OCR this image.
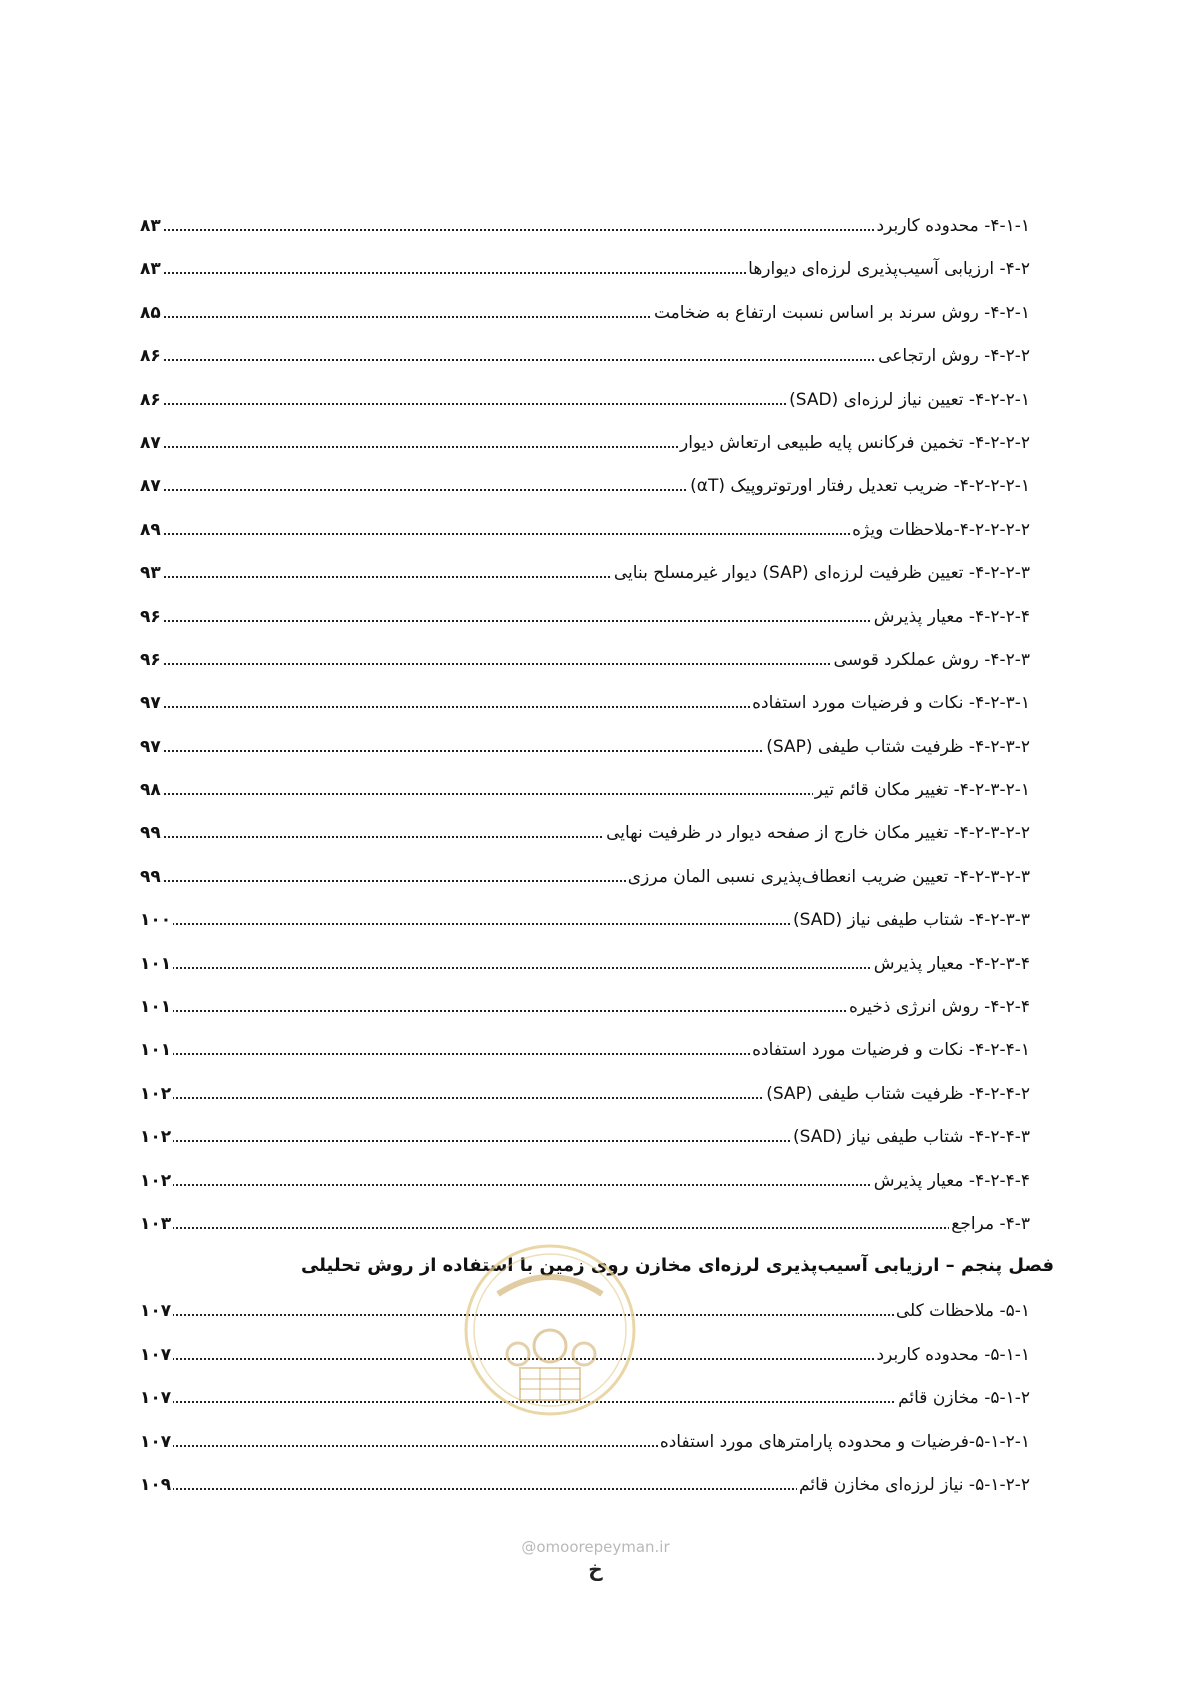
۴-۱-۱- محدوده کاربرد
۸۳
۴-۲- ارزیابی آسیب‌پذیری لرزه‌ای دیوارها
۸۳
۴-۲-۱- روش سرند بر اساس نسبت ارتفاع به ضخامت
۸۵
۴-۲-۲- روش ارتجاعی
۸۶
۴-۲-۲-۱- تعیین نیاز لرزه‌ای (SAD)
۸۶
۴-۲-۲-۲- تخمین فرکانس پایه طبیعی ارتعاش دیوار
۸۷
۴-۲-۲-۲-۱- ضریب تعدیل رفتار اورتوتروپیک (αT)
۸۷
۴-۲-۲-۲-۲-ملاحظات ویژه
۸۹
۴-۲-۲-۳- تعیین ظرفیت لرزه‌ای (SAP) دیوار غیرمسلح بنایی
۹۳
۴-۲-۲-۴- معیار پذیرش
۹۶
۴-۲-۳- روش عملکرد قوسی
۹۶
۴-۲-۳-۱- نکات و فرضیات مورد استفاده
۹۷
۴-۲-۳-۲- ظرفیت شتاب طیفی (SAP)
۹۷
۴-۲-۳-۲-۱- تغییر مکان قائم تیر
۹۸
۴-۲-۳-۲-۲- تغییر مکان خارج از صفحه دیوار در ظرفیت نهایی
۹۹
۴-۲-۳-۲-۳- تعیین ضریب انعطاف‌پذیری نسبی المان مرزی
۹۹
۴-۲-۳-۳- شتاب طیفی نیاز (SAD)
۱۰۰
۴-۲-۳-۴- معیار پذیرش
۱۰۱
۴-۲-۴- روش انرژی ذخیره
۱۰۱
۴-۲-۴-۱- نکات و فرضیات مورد استفاده
۱۰۱
۴-۲-۴-۲- ظرفیت شتاب طیفی (SAP)
۱۰۲
۴-۲-۴-۳- شتاب طیفی نیاز (SAD)
۱۰۲
۴-۲-۴-۴- معیار پذیرش
۱۰۲
۴-۳- مراجع
۱۰۳
فصل پنجم – ارزیابی آسیب‌پذیری لرزه‌ای مخازن روی زمین با استفاده از روش تحلیلی
۵-۱- ملاحظات کلی
۱۰۷
۵-۱-۱- محدوده کاربرد
۱۰۷
۵-۱-۲- مخازن قائم
۱۰۷
۵-۱-۲-۱-فرضیات و محدوده پارامترهای مورد استفاده
۱۰۷
۵-۱-۲-۲- نیاز لرزه‌ای مخازن قائم
۱۰۹
@omoorepeyman.ir
خ
